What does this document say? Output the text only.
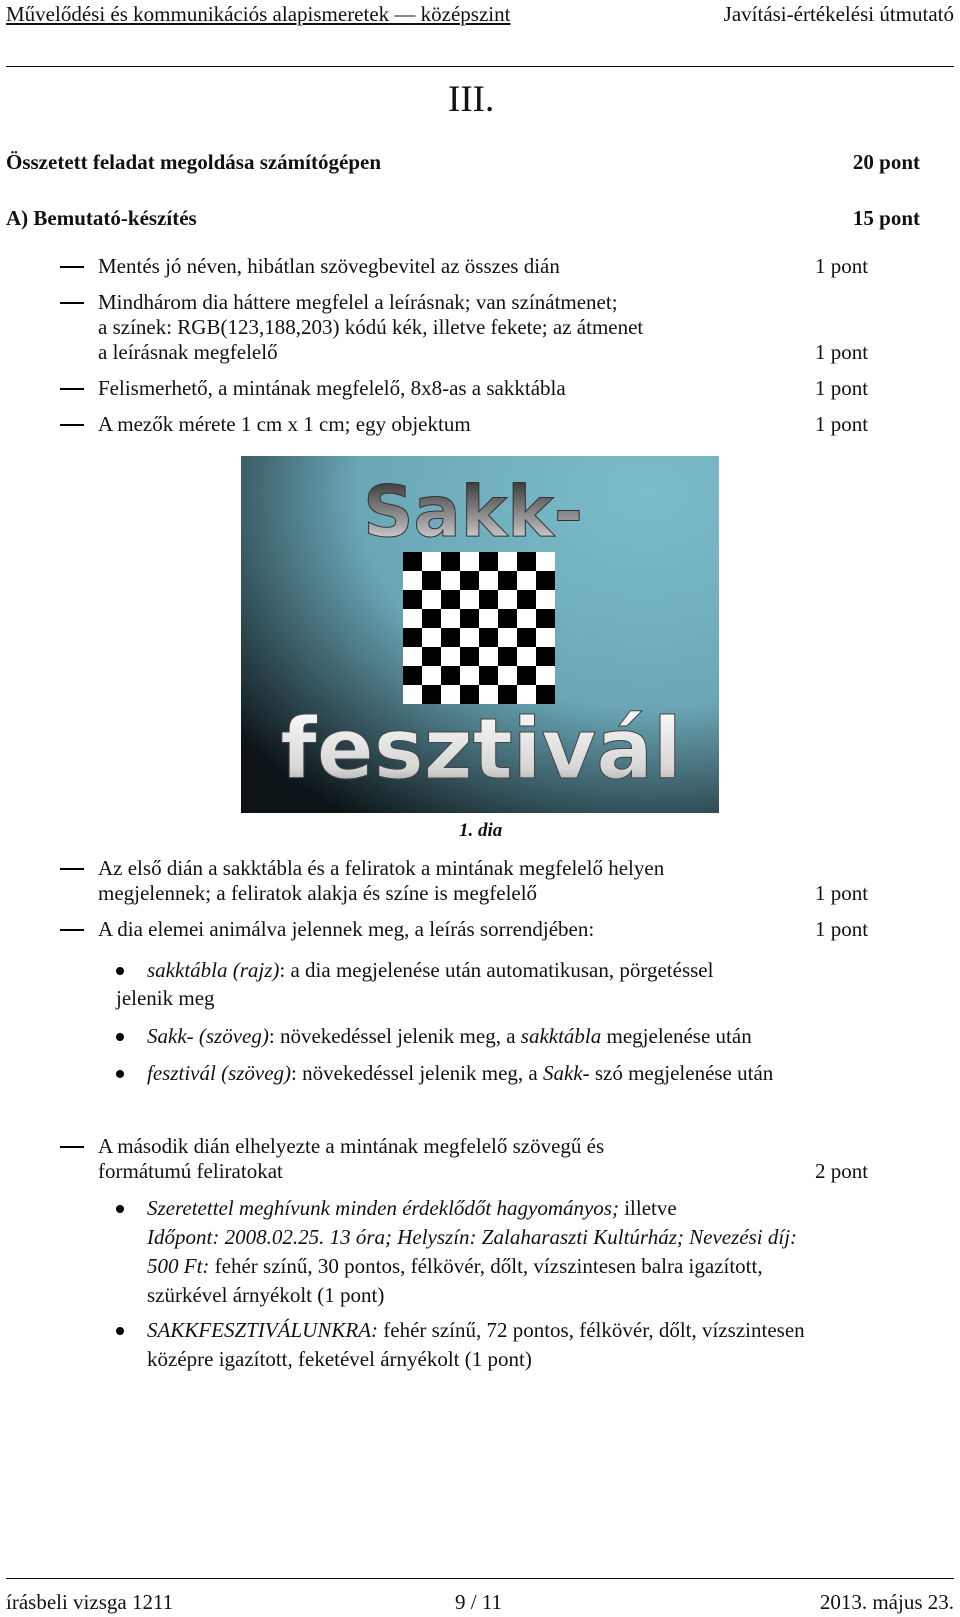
Művelődési és kommunikációs alapismeretek — középszint	Javítási-értékelési útmutató
III.
Összetett feladat megoldása számítógépen	20 pont
A) Bemutató-készítés	15 pont
Mentés jó néven, hibátlan szövegbevitel az összes dián	1 pont
Mindhárom dia háttere megfelel a leírásnak; van színátmenet;
a színek: RGB(123,188,203) kódú kék, illetve fekete; az átmenet
a leírásnak megfelelő	1 pont
Felismerhető, a mintának megfelelő, 8x8-as a sakktábla	1 pont
A mezők mérete 1 cm x 1 cm; egy objektum	1 pont
Sakk-
fesztivál
1. dia
Az első dián a sakktábla és a feliratok a mintának megfelelő helyen
megjelennek; a feliratok alakja és színe is megfelelő	1 pont
A dia elemei animálva jelennek meg, a leírás sorrendjében:	1 pont
sakktábla (rajz): a dia megjelenése után automatikusan, pörgetéssel
jelenik meg
Sakk- (szöveg): növekedéssel jelenik meg, a sakktábla megjelenése után
fesztivál (szöveg): növekedéssel jelenik meg, a Sakk- szó megjelenése után
A második dián elhelyezte a mintának megfelelő szövegű és
formátumú feliratokat	2 pont
Szeretettel meghívunk minden érdeklődőt hagyományos; illetve
Időpont: 2008.02.25. 13 óra; Helyszín: Zalaharaszti Kultúrház; Nevezési díj:
500 Ft: fehér színű, 30 pontos, félkövér, dőlt, vízszintesen balra igazított,
szürkével árnyékolt (1 pont)
SAKKFESZTIVÁLUNKRA: fehér színű, 72 pontos, félkövér, dőlt, vízszintesen
középre igazított, feketével árnyékolt (1 pont)
írásbeli vizsga 1211	9 / 11	2013. május 23.
